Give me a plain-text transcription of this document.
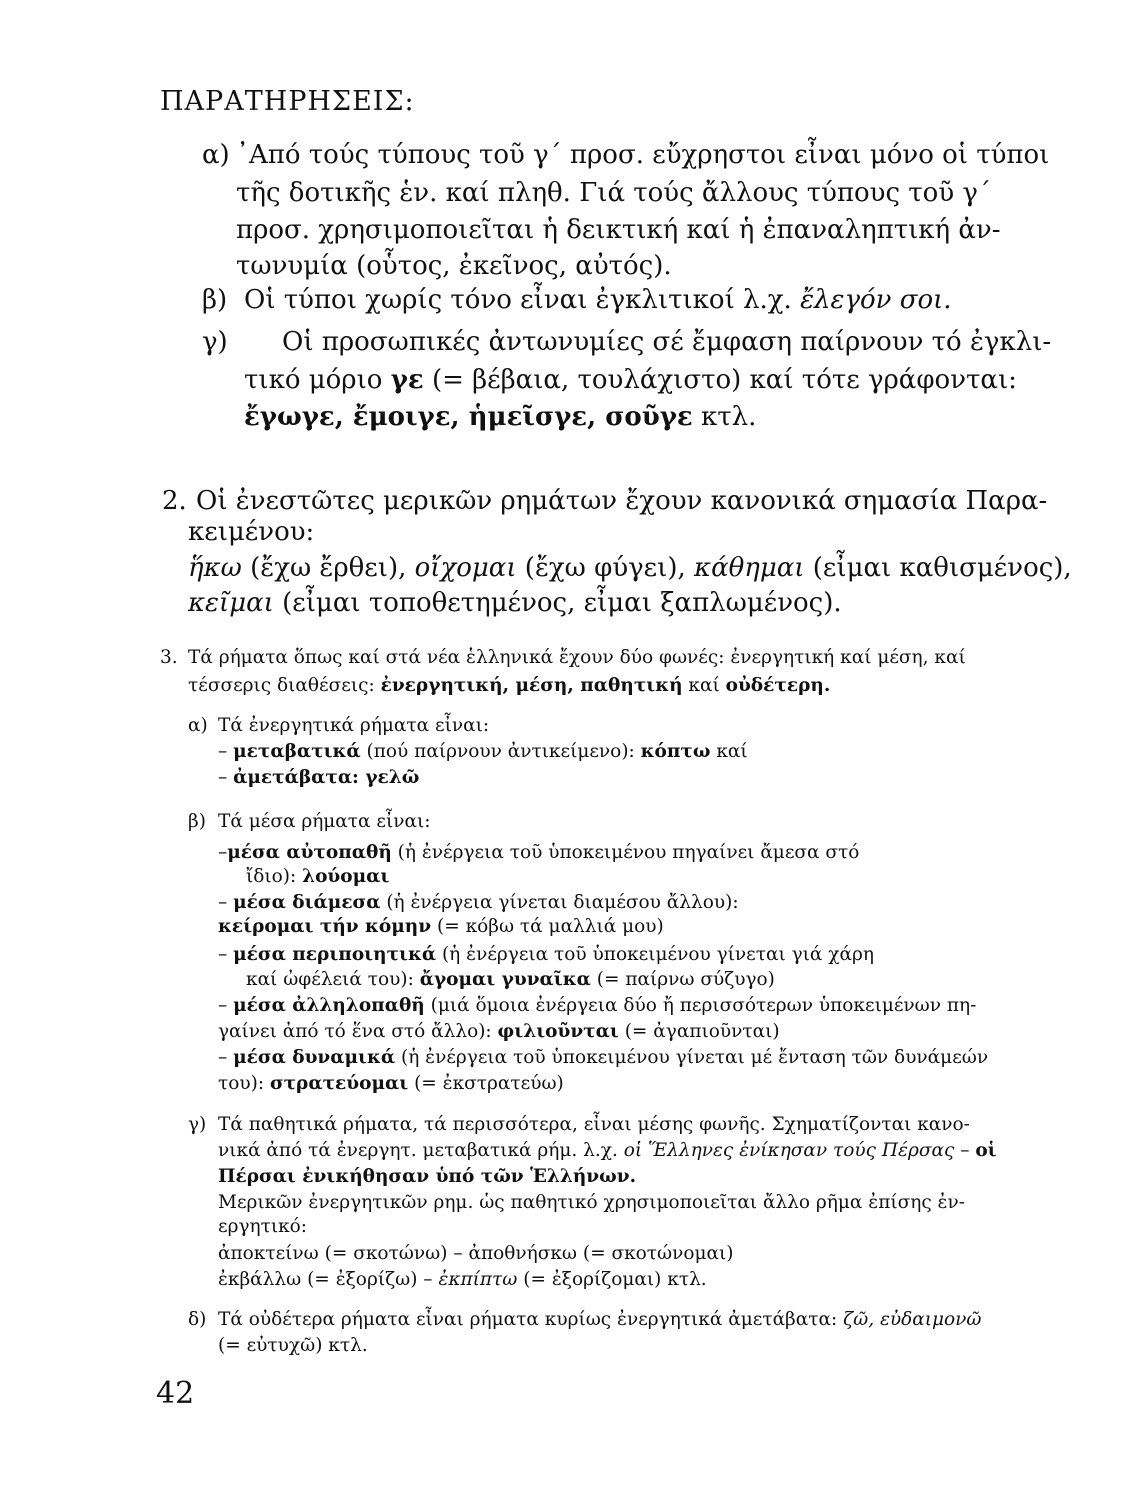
ΠΑΡΑΤΗΡΗΣΕΙΣ:
α) ᾿Από τούς τύπους τοῦ γ΄ προσ. εὔχρηστοι εἶναι μόνο οἱ τύποι
τῆς δοτικῆς ἑν. καί πληθ. Γιά τούς ἄλλους τύπους τοῦ γ΄
προσ. χρησιμοποιεῖται ἡ δεικτική καί ἡ ἐπαναληπτική ἀν-
τωνυμία (οὗτος, ἐκεῖνος, αὐτός).
β) Οἱ τύποι χωρίς τόνο εἶναι ἐγκλιτικοί λ.χ. ἔλεγόν σοι.
γ) Οἱ προσωπικές ἀντωνυμίες σέ ἔμφαση παίρνουν τό ἐγκλι-
τικό μόριο γε (= βέβαια, τουλάχιστο) καί τότε γράφονται:
ἔγωγε, ἔμοιγε, ἡμεῖσγε, σοῦγε κτλ.
2. Οἱ ἐνεστῶτες μερικῶν ρημάτων ἔχουν κανονικά σημασία Παρα-
κειμένου:
ἥκω (ἔχω ἔρθει), οἴχομαι (ἔχω φύγει), κάθημαι (εἶμαι καθισμένος),
κεῖμαι (εἶμαι τοποθετημένος, εἶμαι ξαπλωμένος).
3. Τά ρήματα ὅπως καί στά νέα ἑλληνικά ἔχουν δύο φωνές: ἐνεργητική καί μέση, καί
τέσσερις διαθέσεις: ἐνεργητική, μέση, παθητική καί οὐδέτερη.
α) Τά ἐνεργητικά ρήματα εἶναι:
– μεταβατικά (πού παίρνουν ἀντικείμενο): κόπτω καί
– ἀμετάβατα: γελῶ
β) Τά μέσα ρήματα εἶναι:
– μέσα αὐτοπαθῆ (ἡ ἐνέργεια τοῦ ὑποκειμένου πηγαίνει ἄμεσα στό
ἴδιο): λούομαι
– μέσα διάμεσα (ἡ ἐνέργεια γίνεται διαμέσου ἄλλου):
κείρομαι τήν κόμην (= κόβω τά μαλλιά μου)
– μέσα περιποιητικά (ἡ ἐνέργεια τοῦ ὑποκειμένου γίνεται γιά χάρη
καί ὠφέλειά του): ἄγομαι γυναῖκα (= παίρνω σύζυγο)
– μέσα ἀλληλοπαθῆ (μιά ὅμοια ἐνέργεια δύο ἤ περισσότερων ὑποκειμένων πη-
γαίνει ἀπό τό ἕνα στό ἄλλο): φιλιοῦνται (= ἀγαπιοῦνται)
– μέσα δυναμικά (ἡ ἐνέργεια τοῦ ὑποκειμένου γίνεται μέ ἔνταση τῶν δυνάμεών
του): στρατεύομαι (= ἐκστρατεύω)
γ) Τά παθητικά ρήματα, τά περισσότερα, εἶναι μέσης φωνῆς. Σχηματίζονται κανο-
νικά ἀπό τά ἐνεργητ. μεταβατικά ρήμ. λ.χ. οἱ Ἕλληνες ἐνίκησαν τούς Πέρσας – οἱ
Πέρσαι ἐνικήθησαν ὑπό τῶν Ἑλλήνων.
Μερικῶν ἐνεργητικῶν ρημ. ὡς παθητικό χρησιμοποιεῖται ἄλλο ρῆμα ἐπίσης ἐν-
εργητικό:
ἀποκτείνω (= σκοτώνω) – ἀποθνήσκω (= σκοτώνομαι)
ἐκβάλλω (= ἐξορίζω) – ἐκπίπτω (= ἐξορίζομαι) κτλ.
δ) Τά οὐδέτερα ρήματα εἶναι ρήματα κυρίως ἐνεργητικά ἀμετάβατα: ζῶ, εὐδαιμονῶ
(= εὐτυχῶ) κτλ.
42
